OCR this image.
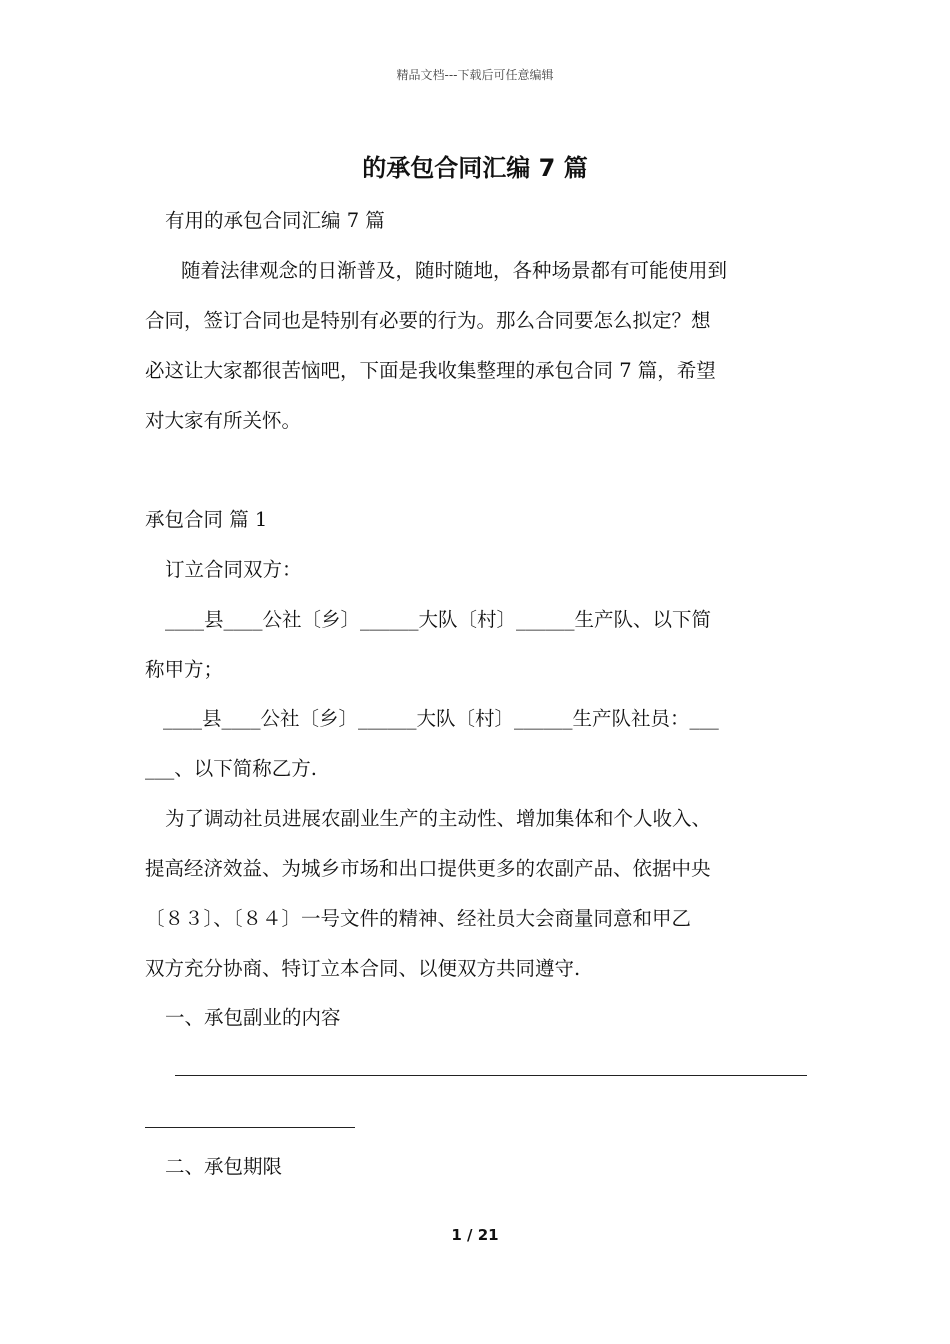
精品文档---下载后可任意编辑
的承包合同汇编 7 篇
有用的承包合同汇编 7 篇
随着法律观念的日渐普及，随时随地，各种场景都有可能使用到
合同，签订合同也是特别有必要的行为。那么合同要怎么拟定？想
必这让大家都很苦恼吧，下面是我收集整理的承包合同 7 篇，希望
对大家有所关怀。
承包合同 篇 1
订立合同双方：
____县____公社〔乡〕______大队〔村〕______生产队、以下简
称甲方；
____县____公社〔乡〕______大队〔村〕______生产队社员：___
___、以下简称乙方.
为了调动社员进展农副业生产的主动性、增加集体和个人收入、
提高经济效益、为城乡市场和出口提供更多的农副产品、依据中央
〔８３〕、〔８４〕一号文件的精神、经社员大会商量同意和甲乙
双方充分协商、特订立本合同、以便双方共同遵守.
一、承包副业的内容
二、承包期限
1 / 21
